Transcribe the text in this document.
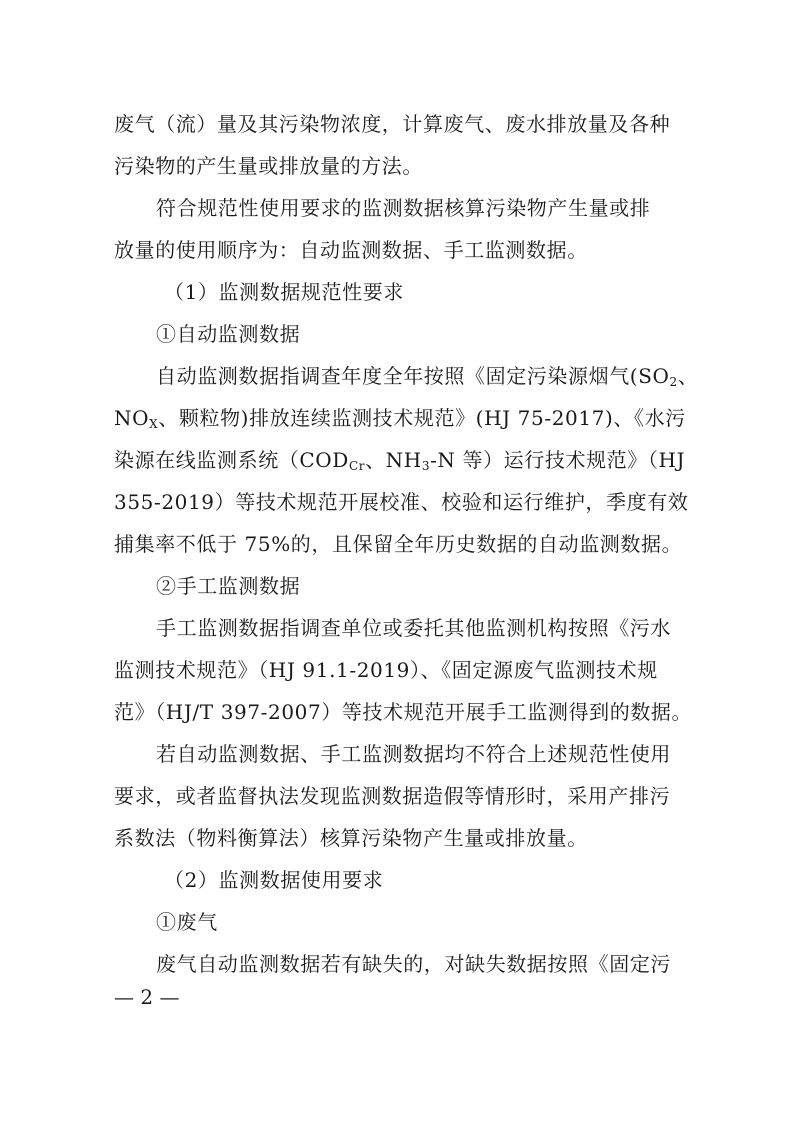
废气（流）量及其污染物浓度，计算废气、废水排放量及各种
污染物的产生量或排放量的方法。
符合规范性使用要求的监测数据核算污染物产生量或排
放量的使用顺序为：自动监测数据、手工监测数据。
（1）监测数据规范性要求
①自动监测数据
自动监测数据指调查年度全年按照《固定污染源烟气($SO_2$、
$NO_X$、颗粒物)排放连续监测技术规范》(HJ 75-2017)、《水污
染源在线监测系统（$COD_{Cr}$、$NH_3-N$ 等）运行技术规范》（HJ
355-2019）等技术规范开展校准、校验和运行维护，季度有效
捕集率不低于 75%的，且保留全年历史数据的自动监测数据。
②手工监测数据
手工监测数据指调查单位或委托其他监测机构按照《污水
监测技术规范》（HJ 91.1-2019）、《固定源废气监测技术规
范》（HJ/T 397-2007）等技术规范开展手工监测得到的数据。
若自动监测数据、手工监测数据均不符合上述规范性使用
要求，或者监督执法发现监测数据造假等情形时，采用产排污
系数法（物料衡算法）核算污染物产生量或排放量。
（2）监测数据使用要求
①废气
废气自动监测数据若有缺失的，对缺失数据按照《固定污
— 2 —
